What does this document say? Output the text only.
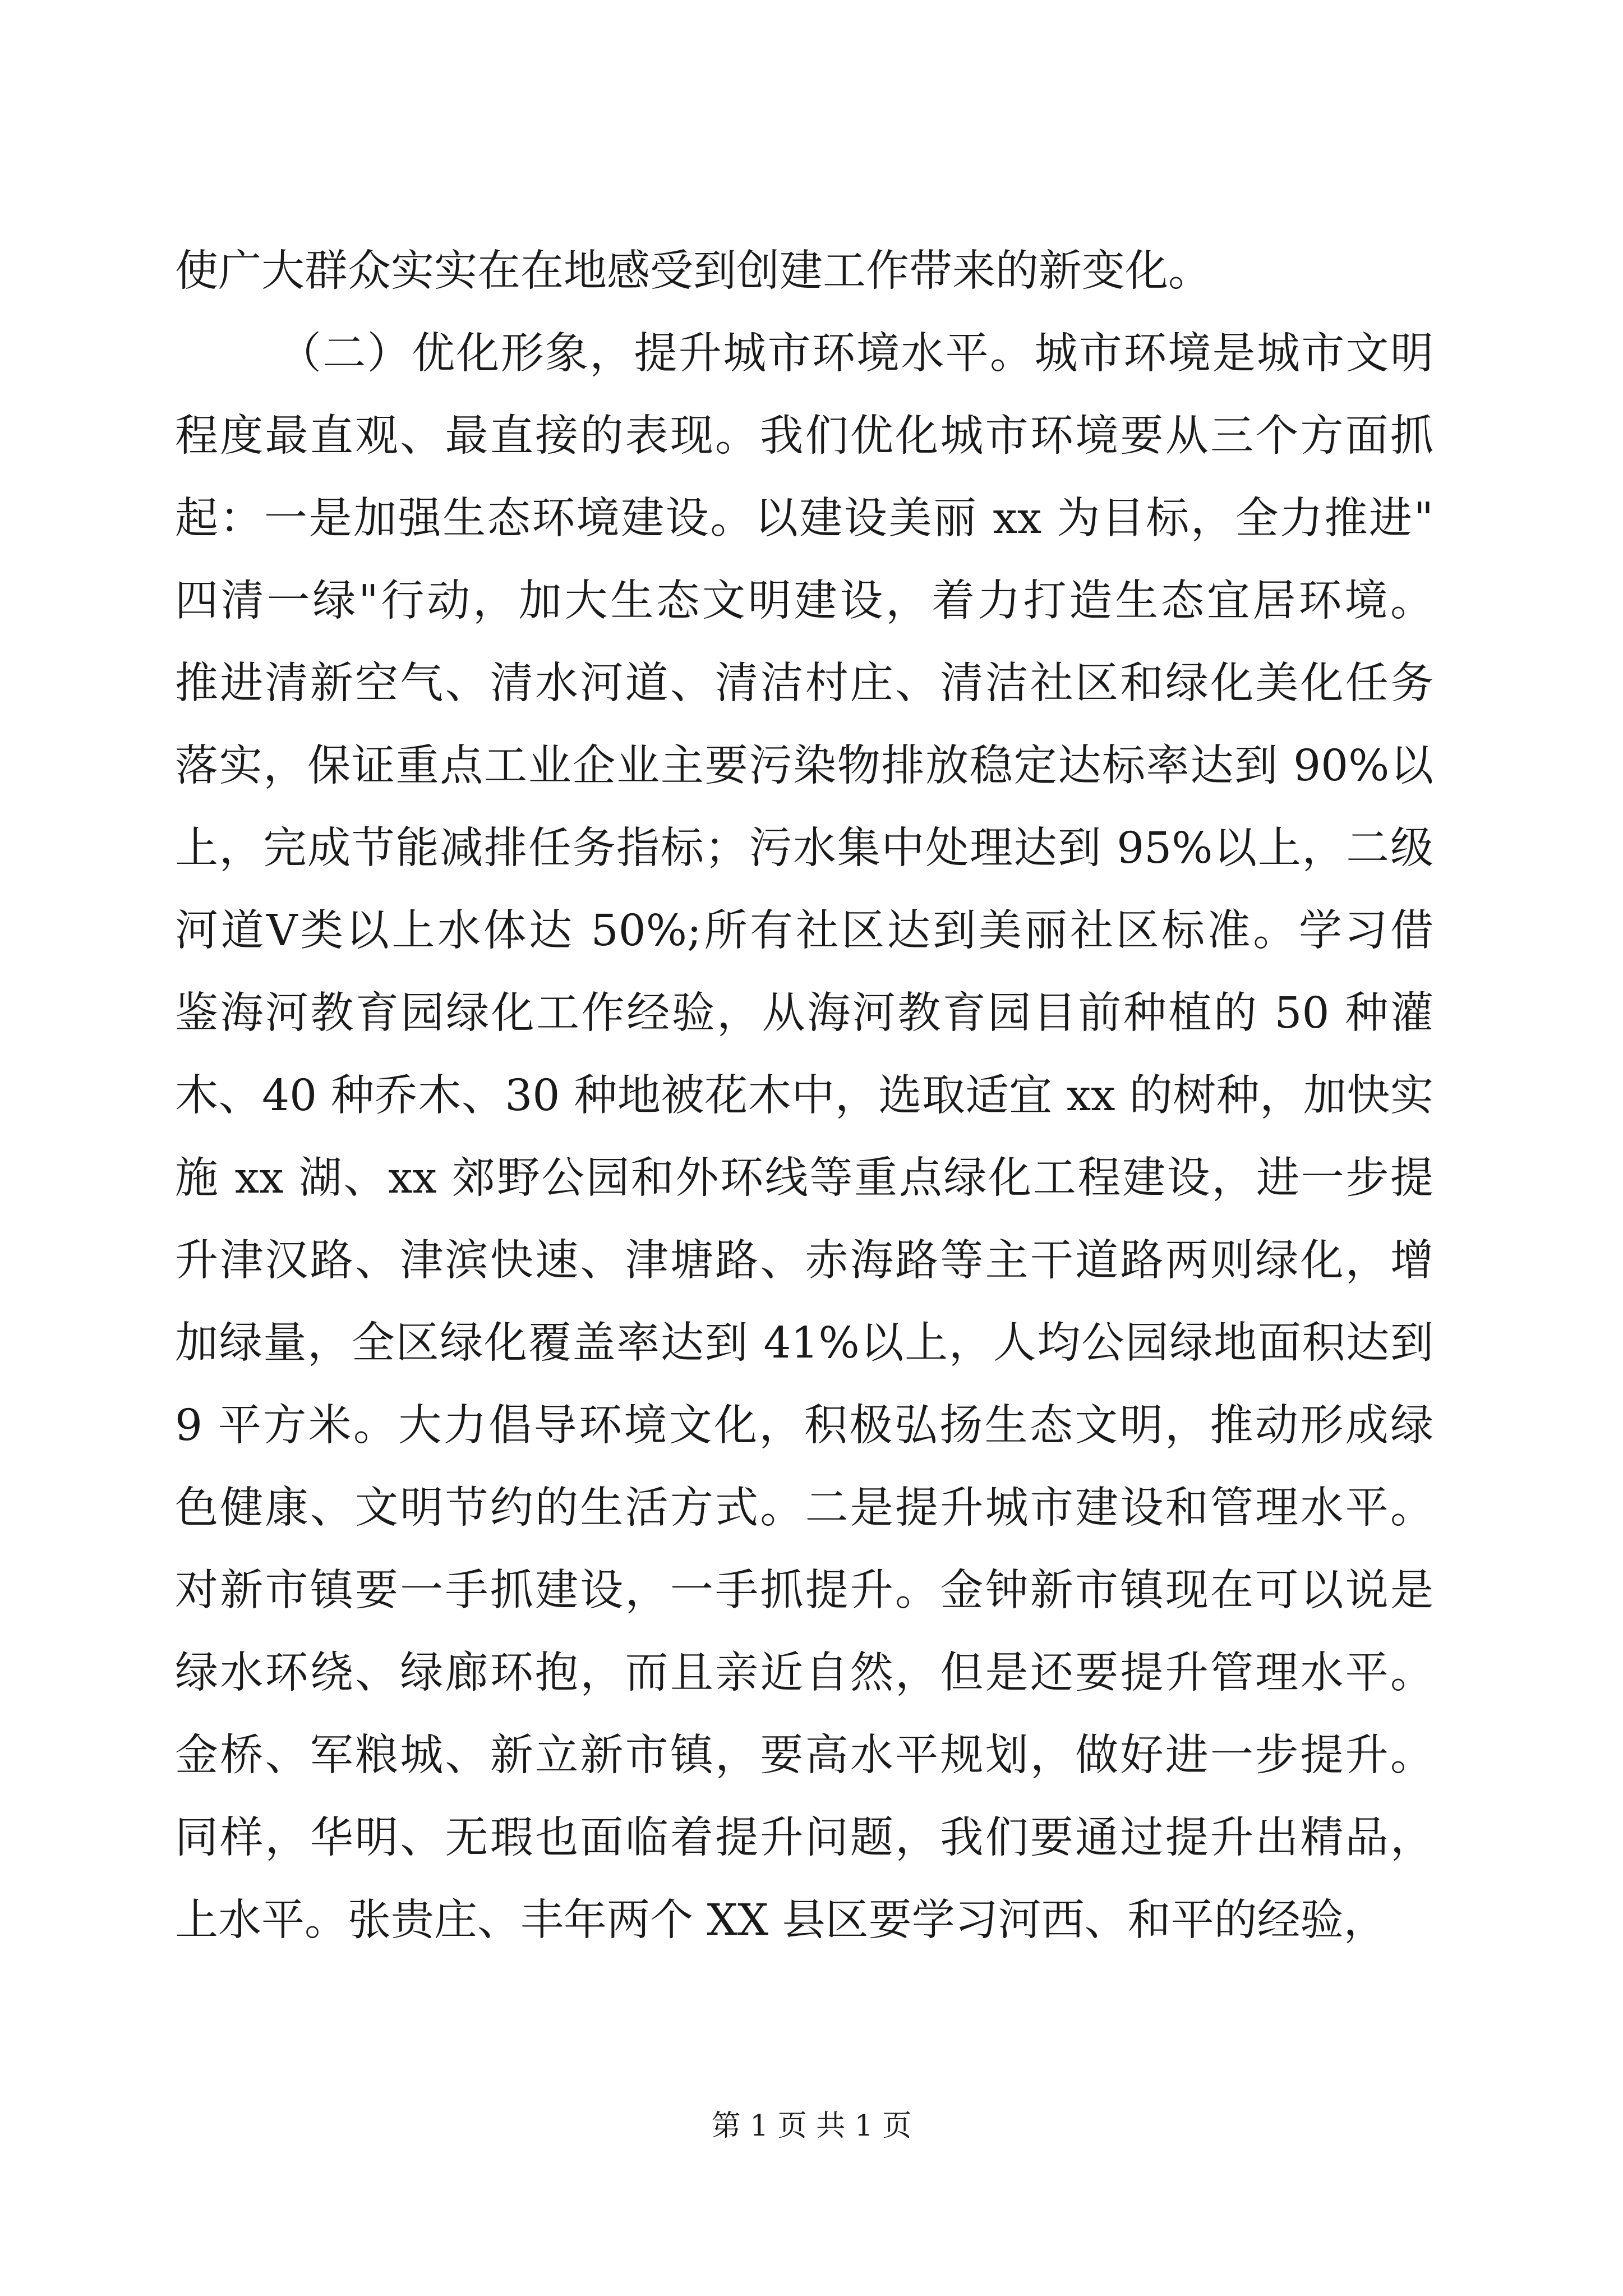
使广大群众实实在在地感受到创建工作带来的新变化。
（二）优化形象，提升城市环境水平。城市环境是城市文明
程度最直观、最直接的表现。我们优化城市环境要从三个方面抓
起：一是加强生态环境建设。以建设美丽 xx 为目标，全力推进"
四清一绿"行动，加大生态文明建设，着力打造生态宜居环境。
推进清新空气、清水河道、清洁村庄、清洁社区和绿化美化任务
落实，保证重点工业企业主要污染物排放稳定达标率达到 90%以
上，完成节能减排任务指标；污水集中处理达到 95%以上，二级
河道Ⅴ类以上水体达 50%;所有社区达到美丽社区标准。学习借
鉴海河教育园绿化工作经验，从海河教育园目前种植的 50 种灌
木、40 种乔木、30 种地被花木中，选取适宜 xx 的树种，加快实
施 xx 湖、xx 郊野公园和外环线等重点绿化工程建设，进一步提
升津汉路、津滨快速、津塘路、赤海路等主干道路两则绿化，增
加绿量，全区绿化覆盖率达到 41%以上，人均公园绿地面积达到
9 平方米。大力倡导环境文化，积极弘扬生态文明，推动形成绿
色健康、文明节约的生活方式。二是提升城市建设和管理水平。
对新市镇要一手抓建设，一手抓提升。金钟新市镇现在可以说是
绿水环绕、绿廊环抱，而且亲近自然，但是还要提升管理水平。
金桥、军粮城、新立新市镇，要高水平规划，做好进一步提升。
同样，华明、无瑕也面临着提升问题，我们要通过提升出精品，
上水平。张贵庄、丰年两个 XX 县区要学习河西、和平的经验，
第 1 页 共 1 页
